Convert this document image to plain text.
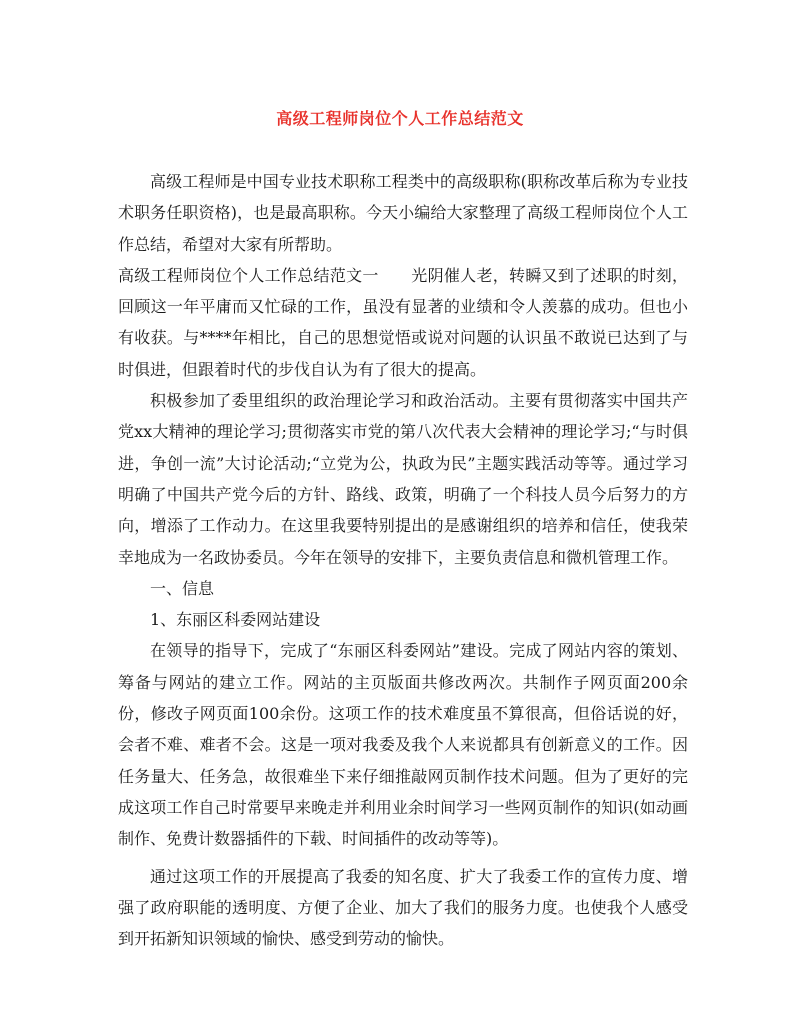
高级工程师岗位个人工作总结范文

高级工程师是中国专业技术职称工程类中的高级职称(职称改革后称为专业技术职务任职资格)，也是最高职称。今天小编给大家整理了高级工程师岗位个人工作总结，希望对大家有所帮助。

高级工程师岗位个人工作总结范文一　　光阴催人老，转瞬又到了述职的时刻，回顾这一年平庸而又忙碌的工作，虽没有显著的业绩和令人羡慕的成功。但也小有收获。与****年相比，自己的思想觉悟或说对问题的认识虽不敢说已达到了与时俱进，但跟着时代的步伐自认为有了很大的提高。

积极参加了委里组织的政治理论学习和政治活动。主要有贯彻落实中国共产党xx大精神的理论学习;贯彻落实市党的第八次代表大会精神的理论学习;“与时俱进，争创一流”大讨论活动;“立党为公，执政为民”主题实践活动等等。通过学习明确了中国共产党今后的方针、路线、政策，明确了一个科技人员今后努力的方向，增添了工作动力。在这里我要特别提出的是感谢组织的培养和信任，使我荣幸地成为一名政协委员。今年在领导的安排下，主要负责信息和微机管理工作。

一、信息

1、东丽区科委网站建设

在领导的指导下，完成了“东丽区科委网站”建设。完成了网站内容的策划、筹备与网站的建立工作。网站的主页版面共修改两次。共制作子网页面200余份，修改子网页面100余份。这项工作的技术难度虽不算很高，但俗话说的好，会者不难、难者不会。这是一项对我委及我个人来说都具有创新意义的工作。因任务量大、任务急，故很难坐下来仔细推敲网页制作技术问题。但为了更好的完成这项工作自己时常要早来晚走并利用业余时间学习一些网页制作的知识(如动画制作、免费计数器插件的下载、时间插件的改动等等)。

通过这项工作的开展提高了我委的知名度、扩大了我委工作的宣传力度、增强了政府职能的透明度、方便了企业、加大了我们的服务力度。也使我个人感受到开拓新知识领域的愉快、感受到劳动的愉快。
